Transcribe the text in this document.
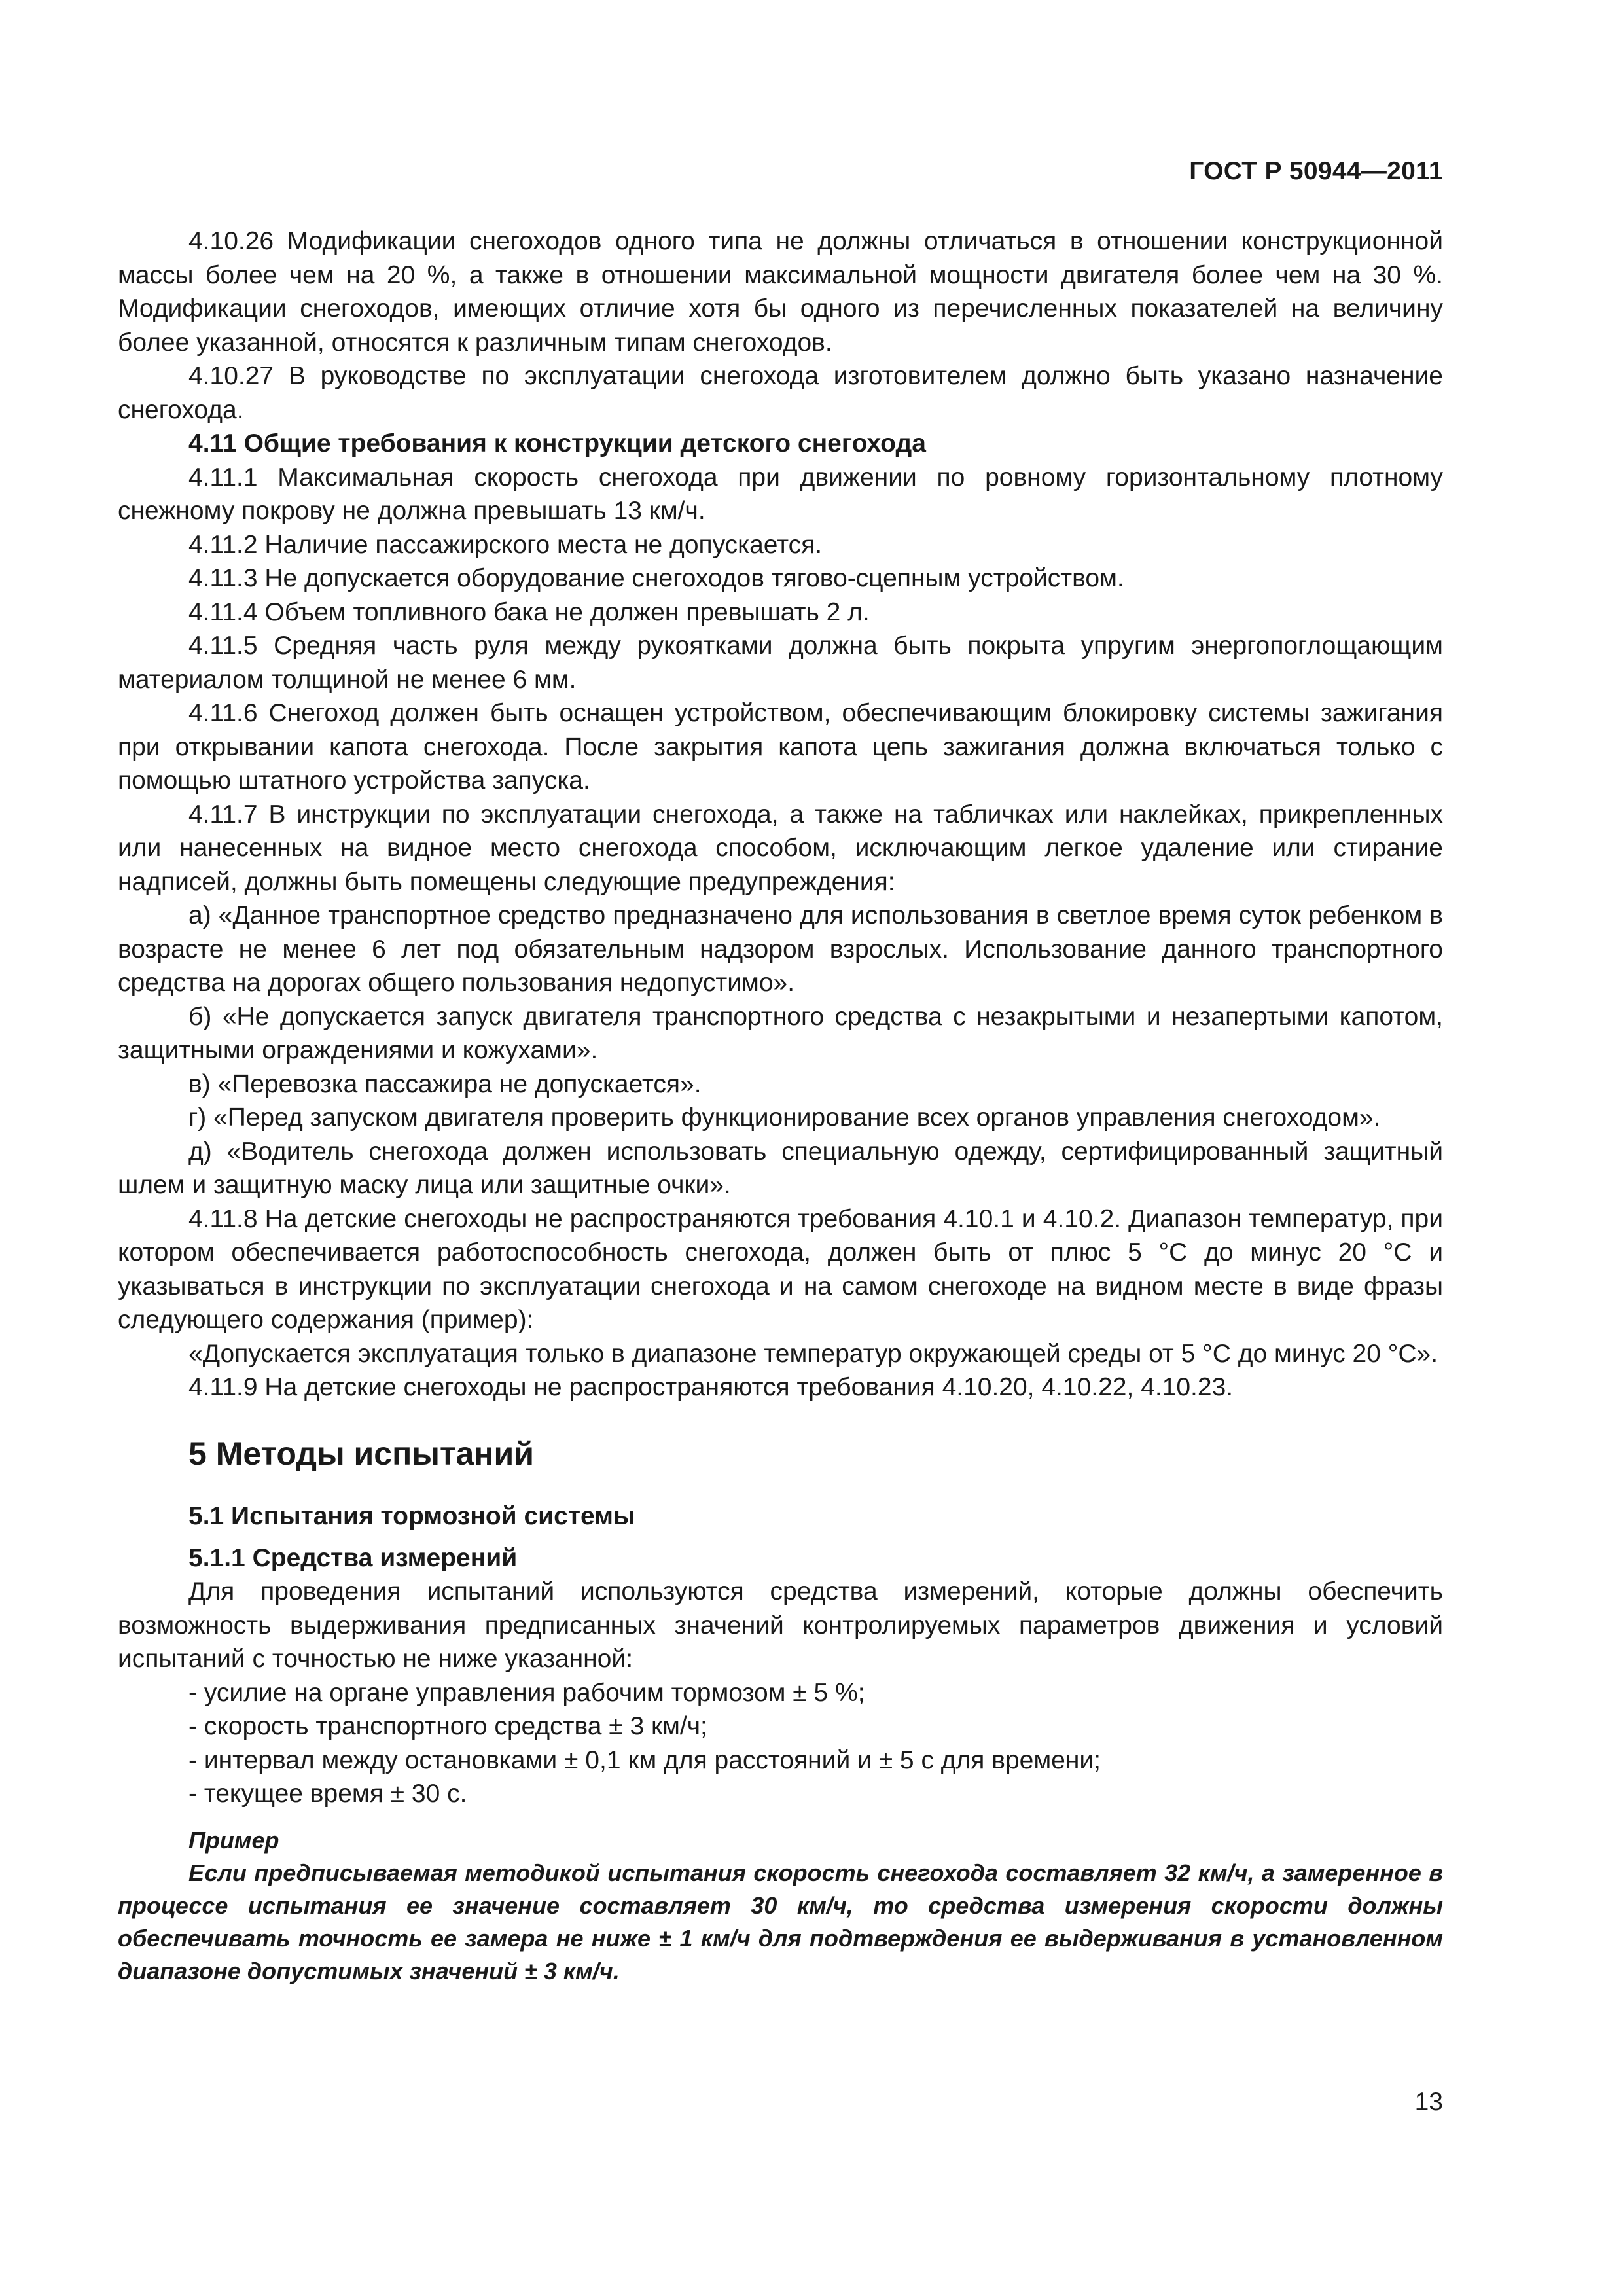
ГОСТ Р 50944—2011

4.10.26 Модификации снегоходов одного типа не должны отличаться в отношении конструкционной массы более чем на 20 %, а также в отношении максимальной мощности двигателя более чем на 30 %. Модификации снегоходов, имеющих отличие хотя бы одного из перечисленных показателей на величину более указанной, относятся к различным типам снегоходов.

4.10.27 В руководстве по эксплуатации снегохода изготовителем должно быть указано назначение снегохода.

4.11 Общие требования к конструкции детского снегохода

4.11.1 Максимальная скорость снегохода при движении по ровному горизонтальному плотному снежному покрову не должна превышать 13 км/ч.

4.11.2 Наличие пассажирского места не допускается.

4.11.3 Не допускается оборудование снегоходов тягово-сцепным устройством.

4.11.4 Объем топливного бака не должен превышать 2 л.

4.11.5 Средняя часть руля между рукоятками должна быть покрыта упругим энергопоглощающим материалом толщиной не менее 6 мм.

4.11.6 Снегоход должен быть оснащен устройством, обеспечивающим блокировку системы зажигания при открывании капота снегохода. После закрытия капота цепь зажигания должна включаться только с помощью штатного устройства запуска.

4.11.7 В инструкции по эксплуатации снегохода, а также на табличках или наклейках, прикрепленных или нанесенных на видное место снегохода способом, исключающим легкое удаление или стирание надписей, должны быть помещены следующие предупреждения:

а) «Данное транспортное средство предназначено для использования в светлое время суток ребенком в возрасте не менее 6 лет под обязательным надзором взрослых. Использование данного транспортного средства на дорогах общего пользования недопустимо».

б) «Не допускается запуск двигателя транспортного средства с незакрытыми и незапертыми капотом, защитными ограждениями и кожухами».

в) «Перевозка пассажира не допускается».

г) «Перед запуском двигателя проверить функционирование всех органов управления снегоходом».

д) «Водитель снегохода должен использовать специальную одежду, сертифицированный защитный шлем и защитную маску лица или защитные очки».

4.11.8 На детские снегоходы не распространяются требования 4.10.1 и 4.10.2. Диапазон температур, при котором обеспечивается работоспособность снегохода, должен быть от плюс 5 °С до минус 20 °С и указываться в инструкции по эксплуатации снегохода и на самом снегоходе на видном месте в виде фразы следующего содержания (пример):

«Допускается эксплуатация только в диапазоне температур окружающей среды от 5 °С до минус 20 °С».

4.11.9 На детские снегоходы не распространяются требования 4.10.20, 4.10.22, 4.10.23.

5 Методы испытаний

5.1 Испытания тормозной системы

5.1.1 Средства измерений

Для проведения испытаний используются средства измерений, которые должны обеспечить возможность выдерживания предписанных значений контролируемых параметров движения и условий испытаний с точностью не ниже указанной:

- усилие на органе управления рабочим тормозом ± 5 %;

- скорость транспортного средства ± 3 км/ч;

- интервал между остановками ± 0,1 км для расстояний и ± 5 с для времени;

- текущее время ± 30 с.

Пример

Если предписываемая методикой испытания скорость снегохода составляет 32 км/ч, а замеренное в процессе испытания ее значение составляет 30 км/ч, то средства измерения скорости должны обеспечивать точность ее замера не ниже ± 1 км/ч для подтверждения ее выдерживания в установленном диапазоне допустимых значений ± 3 км/ч.

13
